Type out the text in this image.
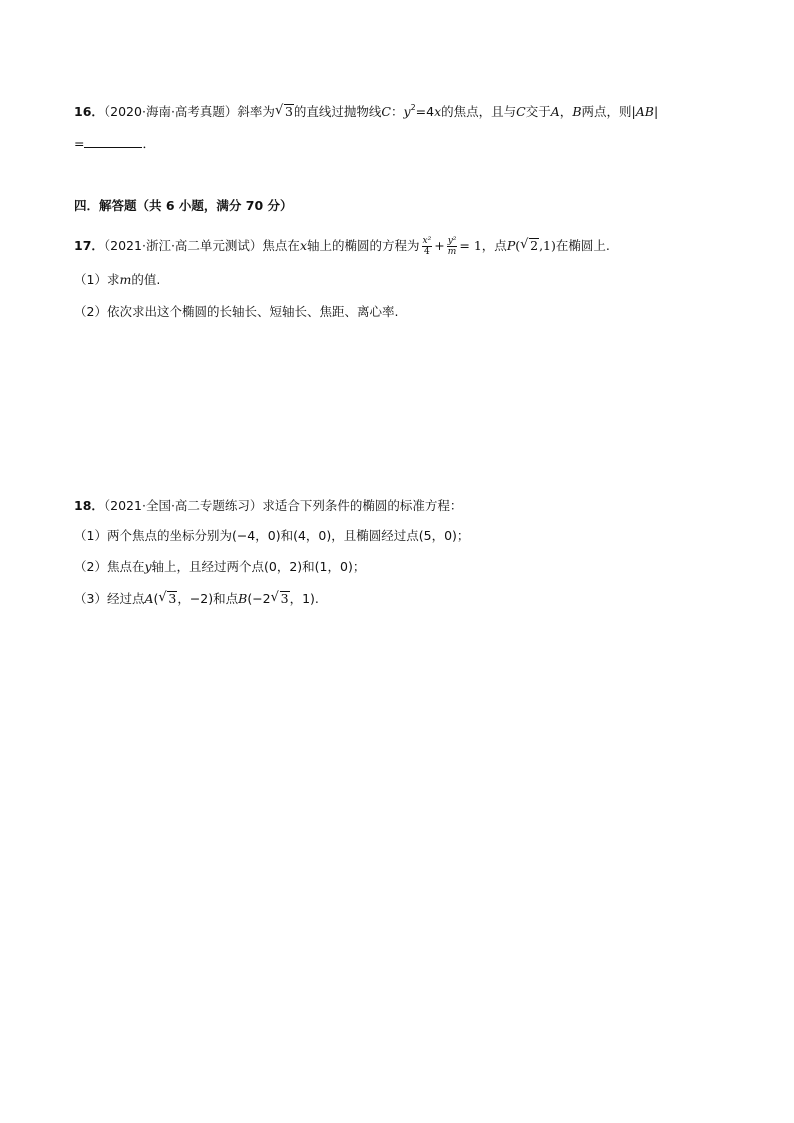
16．（2020·海南·高考真题）斜率为 √ 3的直线过抛物线C：$y^2=4x$的焦点，且与C交于A，B两点，则|AB|
=	．
四．解答题（共 6 小题，满分 70 分）
17．（2021·浙江·高二单元测试）焦点在x轴上的椭圆的方程为 $\frac{\text{x²}}{4} + \frac{\text{y²}}{m} = 1$，点P( √ 2,1)在椭圆上.
（1）求m的值.
（2）依次求出这个椭圆的长轴长、短轴长、焦距、离心率.
18．（2021·全国·高二专题练习）求适合下列条件的椭圆的标准方程：
（1）两个焦点的坐标分别为(−4，0)和(4，0)，且椭圆经过点(5，0)；
（2）焦点在y轴上，且经过两个点(0，2)和(1，0)；
（3）经过点A( √ 3，−2)和点B(−2 √ 3，1).
